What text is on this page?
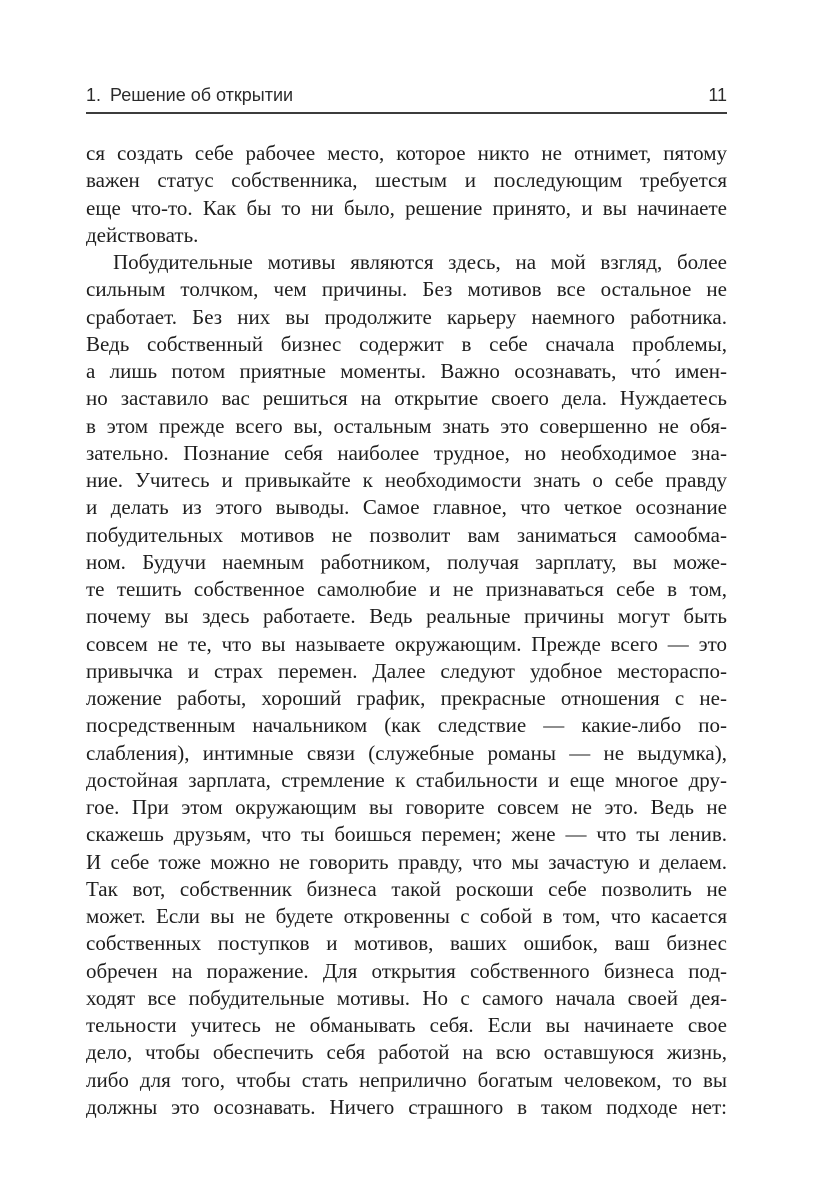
1. Решение об открытии	11
ся создать себе рабочее место, которое никто не отнимет, пятому
важен статус собственника, шестым и последующим требуется
еще что-то. Как бы то ни было, решение принято, и вы начинаете
действовать.
Побудительные мотивы являются здесь, на мой взгляд, более
сильным толчком, чем причины. Без мотивов все остальное не
сработает. Без них вы продолжите карьеру наемного работника.
Ведь собственный бизнес содержит в себе сначала проблемы,
а лишь потом приятные моменты. Важно осознавать, что́ имен-
но заставило вас решиться на открытие своего дела. Нуждаетесь
в этом прежде всего вы, остальным знать это совершенно не обя-
зательно. Познание себя наиболее трудное, но необходимое зна-
ние. Учитесь и привыкайте к необходимости знать о себе правду
и делать из этого выводы. Самое главное, что четкое осознание
побудительных мотивов не позволит вам заниматься самообма-
ном. Будучи наемным работником, получая зарплату, вы може-
те тешить собственное самолюбие и не признаваться себе в том,
почему вы здесь работаете. Ведь реальные причины могут быть
совсем не те, что вы называете окружающим. Прежде всего — это
привычка и страх перемен. Далее следуют удобное местораспо-
ложение работы, хороший график, прекрасные отношения с не-
посредственным начальником (как следствие — какие-либо по-
слабления), интимные связи (служебные романы — не выдумка),
достойная зарплата, стремление к стабильности и еще многое дру-
гое. При этом окружающим вы говорите совсем не это. Ведь не
скажешь друзьям, что ты боишься перемен; жене — что ты ленив.
И себе тоже можно не говорить правду, что мы зачастую и делаем.
Так вот, собственник бизнеса такой роскоши себе позволить не
может. Если вы не будете откровенны с собой в том, что касается
собственных поступков и мотивов, ваших ошибок, ваш бизнес
обречен на поражение. Для открытия собственного бизнеса под-
ходят все побудительные мотивы. Но с самого начала своей дея-
тельности учитесь не обманывать себя. Если вы начинаете свое
дело, чтобы обеспечить себя работой на всю оставшуюся жизнь,
либо для того, чтобы стать неприлично богатым человеком, то вы
должны это осознавать. Ничего страшного в таком подходе нет:
